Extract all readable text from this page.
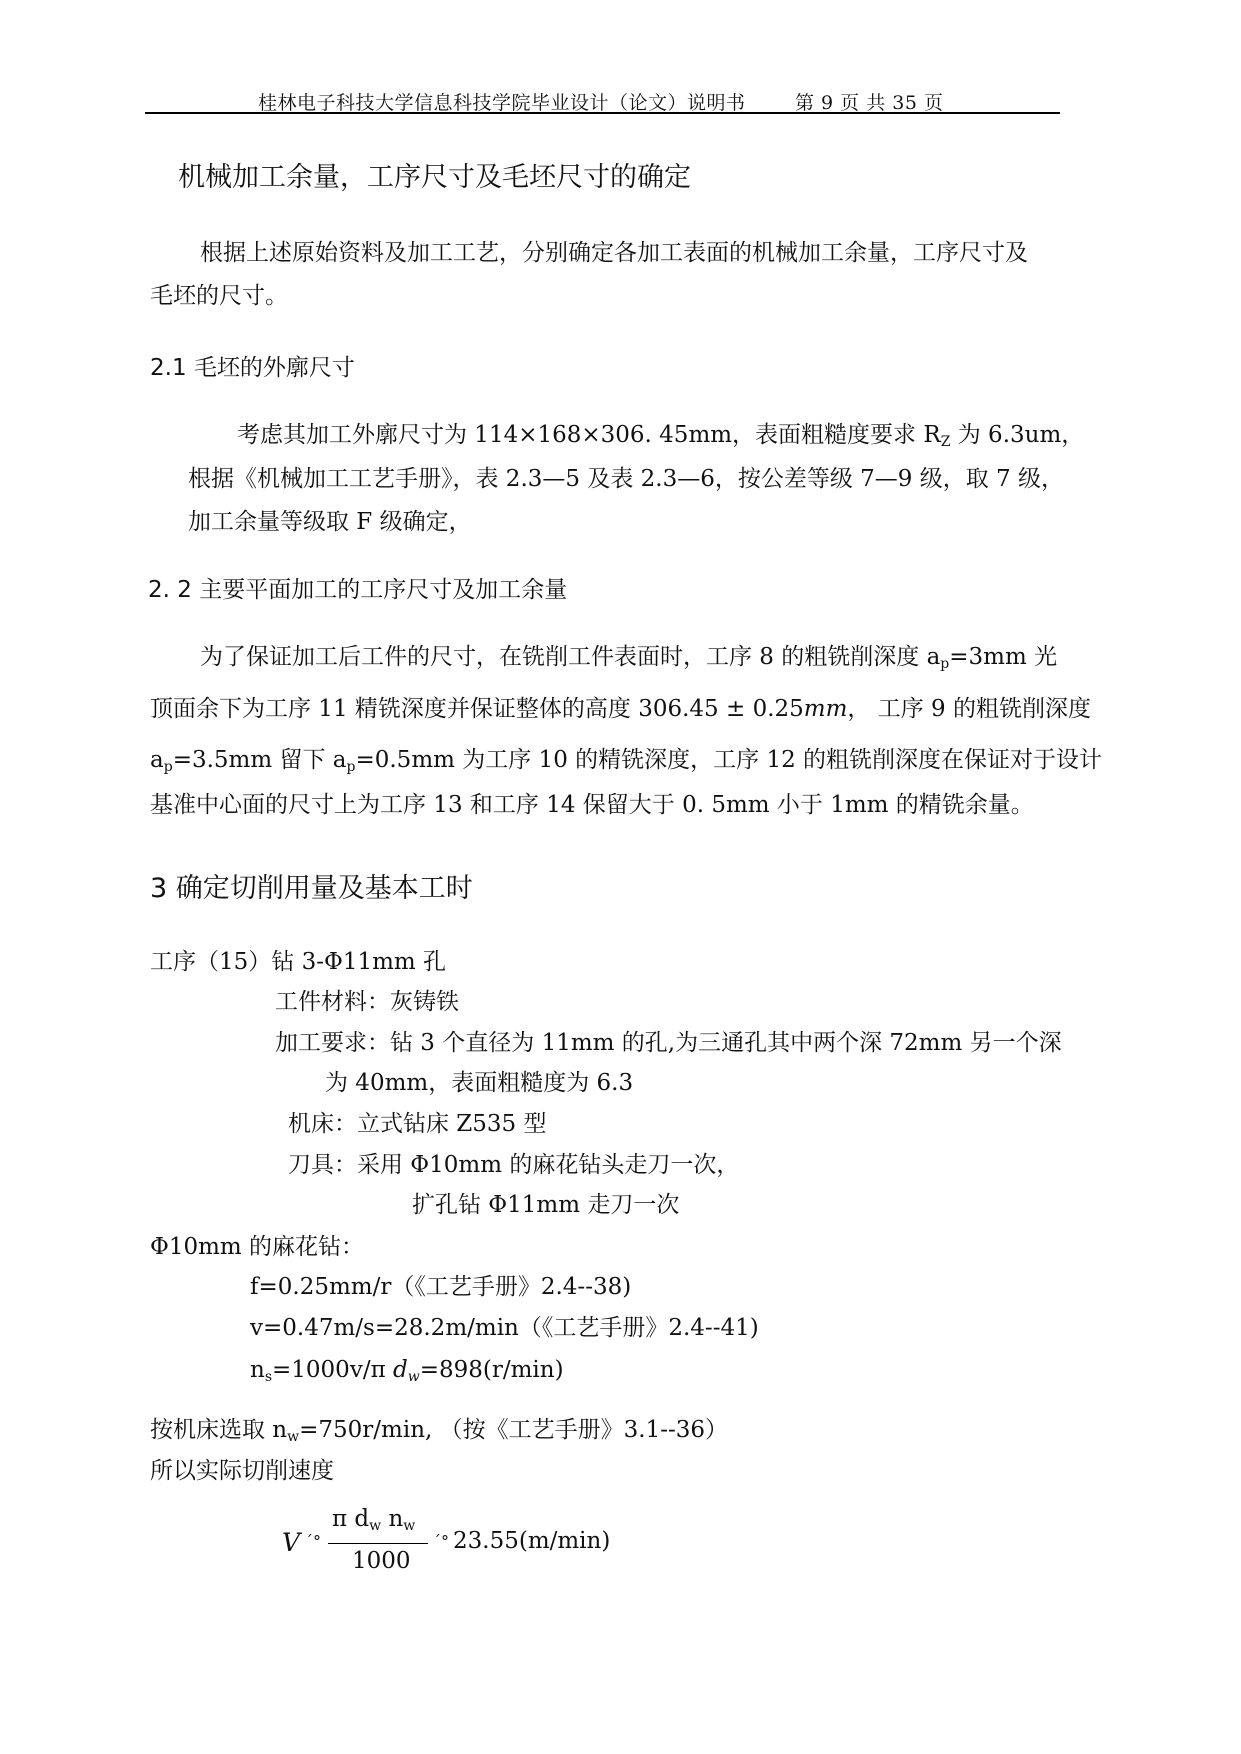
桂林电子科技大学信息科技学院毕业设计（论文）说明书	第 9 页 共 35 页
机械加工余量，工序尺寸及毛坯尺寸的确定
根据上述原始资料及加工工艺，分别确定各加工表面的机械加工余量，工序尺寸及
毛坯的尺寸。
2.1 毛坯的外廓尺寸
考虑其加工外廓尺寸为 114×168×306. 45mm，表面粗糙度要求 $R_Z$ 为 6.3um，
根据《机械加工工艺手册》，表 2.3—5 及表 2.3—6，按公差等级 7—9 级，取 7 级，
加工余量等级取 F 级确定，
2. 2 主要平面加工的工序尺寸及加工余量
为了保证加工后工件的尺寸，在铣削工件表面时，工序 8 的粗铣削深度 $a_p=3mm$ 光
顶面余下为工序 11 精铣深度并保证整体的高度 306.45 ± 0.25mm， 工序 9 的粗铣削深度
$a_p=3.5mm$ 留下 $a_p=0.5mm$ 为工序 10 的精铣深度，工序 12 的粗铣削深度在保证对于设计
基准中心面的尺寸上为工序 13 和工序 14 保留大于 0. 5mm 小于 1mm 的精铣余量。
3 确定切削用量及基本工时
工序（15）钻 3-Φ11mm 孔
工件材料：灰铸铁
加工要求：钻 3 个直径为 11mm 的孔,为三通孔其中两个深 72mm 另一个深
为 40mm，表面粗糙度为 6.3
机床：立式钻床 Z535 型
刀具：采用 Φ10mm 的麻花钻头走刀一次，
扩孔钻 Φ11mm 走刀一次
Φ10mm 的麻花钻：
f=0.25mm/r（《工艺手册》2.4--38)
v=0.47m/s=28.2m/min（《工艺手册》2.4--41)
$n_s=1000v/\pi$ $d_w=898(r/\min)$
按机床选取 $n_w=750r/\min$, （按《工艺手册》3.1--36）
所以实际切削速度
V ´°
π $d_w$ $n_w$
1000
´° 23.55(m/min)
